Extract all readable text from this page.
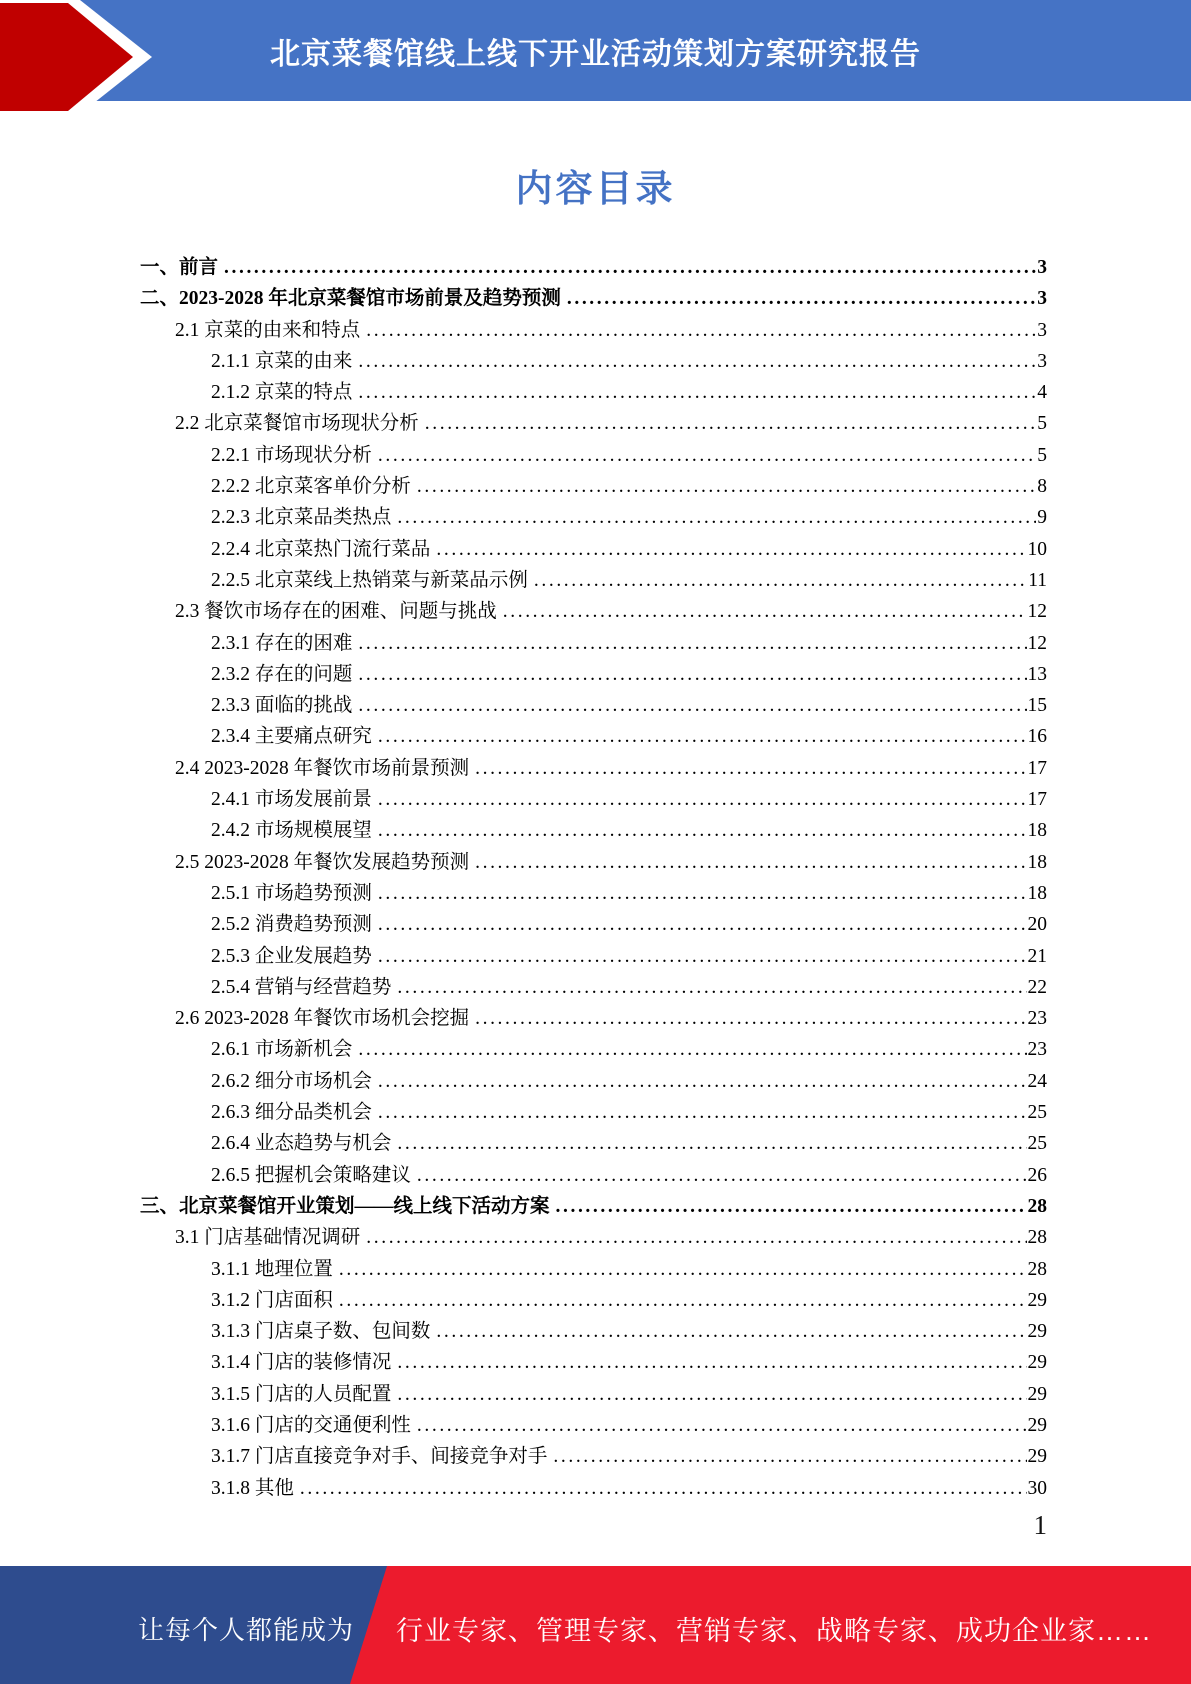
北京菜餐馆线上线下开业活动策划方案研究报告
内容目录
一、前言 .....	3
二、2023-2028 年北京菜餐馆市场前景及趋势预测 .....	3
2.1 京菜的由来和特点 .....	3
2.1.1 京菜的由来 .....	3
2.1.2 京菜的特点 .....	4
2.2 北京菜餐馆市场现状分析 .....	5
2.2.1 市场现状分析 .....	5
2.2.2 北京菜客单价分析 .....	8
2.2.3 北京菜品类热点 .....	9
2.2.4 北京菜热门流行菜品 .....	10
2.2.5 北京菜线上热销菜与新菜品示例 .....	11
2.3 餐饮市场存在的困难、问题与挑战 .....	12
2.3.1 存在的困难 .....	12
2.3.2 存在的问题 .....	13
2.3.3 面临的挑战 .....	15
2.3.4 主要痛点研究 .....	16
2.4 2023-2028 年餐饮市场前景预测 .....	17
2.4.1 市场发展前景 .....	17
2.4.2 市场规模展望 .....	18
2.5 2023-2028 年餐饮发展趋势预测 .....	18
2.5.1 市场趋势预测 .....	18
2.5.2 消费趋势预测 .....	20
2.5.3 企业发展趋势 .....	21
2.5.4 营销与经营趋势 .....	22
2.6 2023-2028 年餐饮市场机会挖掘 .....	23
2.6.1 市场新机会 .....	23
2.6.2 细分市场机会 .....	24
2.6.3 细分品类机会 .....	25
2.6.4 业态趋势与机会 .....	25
2.6.5 把握机会策略建议 .....	26
三、北京菜餐馆开业策划——线上线下活动方案 .....	28
3.1 门店基础情况调研 .....	28
3.1.1 地理位置 .....	28
3.1.2 门店面积 .....	29
3.1.3 门店桌子数、包间数 .....	29
3.1.4 门店的装修情况 .....	29
3.1.5 门店的人员配置 .....	29
3.1.6 门店的交通便利性 .....	29
3.1.7 门店直接竞争对手、间接竞争对手 .....	29
3.1.8 其他 .....	30
1
让每个人都能成为 行业专家、管理专家、营销专家、战略专家、成功企业家……
